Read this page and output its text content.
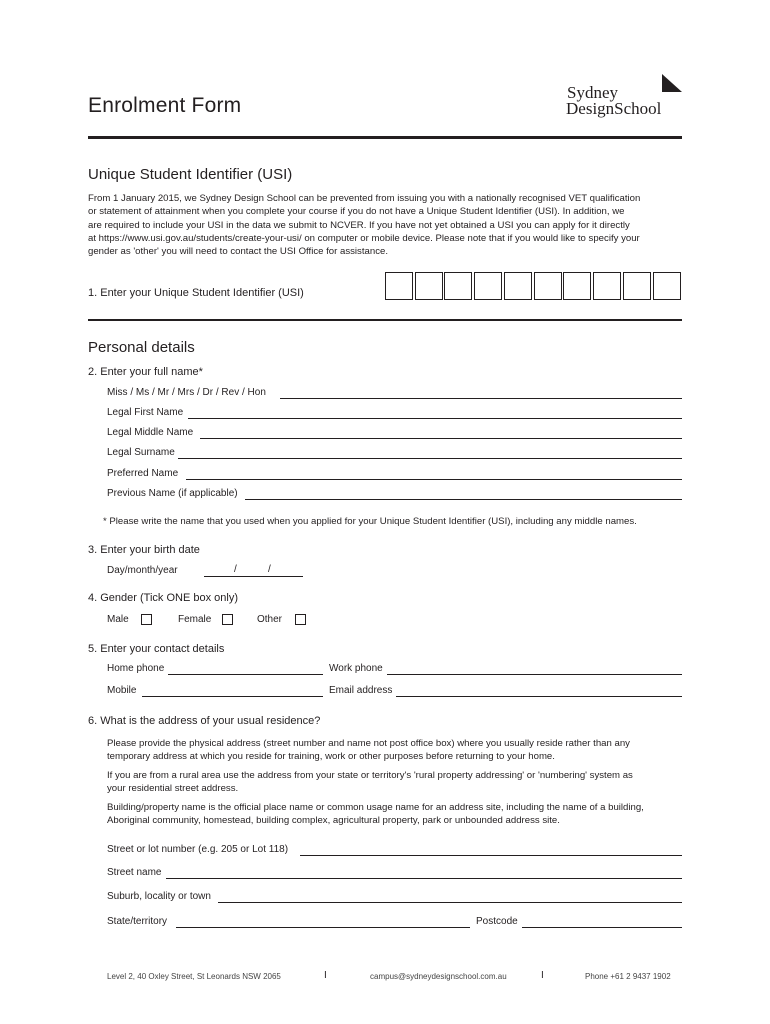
Enrolment Form
Sydney
DesignSchool
Unique Student Identifier (USI)
From 1 January 2015, we Sydney Design School can be prevented from issuing you with a nationally recognised VET qualification
or statement of attainment when you complete your course if you do not have a Unique Student Identifier (USI). In addition, we
are required to include your USI in the data we submit to NCVER. If you have not yet obtained a USI you can apply for it directly
at https://www.usi.gov.au/students/create-your-usi/ on computer or mobile device. Please note that if you would like to specify your
gender as 'other' you will need to contact the USI Office for assistance.
1. Enter your Unique Student Identifier (USI)
Personal details
2. Enter your full name*
Miss / Ms / Mr / Mrs / Dr / Rev / Hon
Legal First Name
Legal Middle Name
Legal Surname
Preferred Name
Previous Name (if applicable)
* Please write the name that you used when you applied for your Unique Student Identifier (USI), including any middle names.
3. Enter your birth date
Day/month/year	/	/
4. Gender (Tick ONE box only)
Male	Female	Other
5. Enter your contact details
Home phone	Work phone
Mobile	Email address
6. What is the address of your usual residence?
Please provide the physical address (street number and name not post office box) where you usually reside rather than any
temporary address at which you reside for training, work or other purposes before returning to your home.
If you are from a rural area use the address from your state or territory's 'rural property addressing' or 'numbering' system as
your residential street address.
Building/property name is the official place name or common usage name for an address site, including the name of a building,
Aboriginal community, homestead, building complex, agricultural property, park or unbounded address site.
Street or lot number (e.g. 205 or Lot 118)
Street name
Suburb, locality or town
State/territory	Postcode
Level 2, 40 Oxley Street, St Leonards NSW 2065	I	campus@sydneydesignschool.com.au	I	Phone +61 2 9437 1902
